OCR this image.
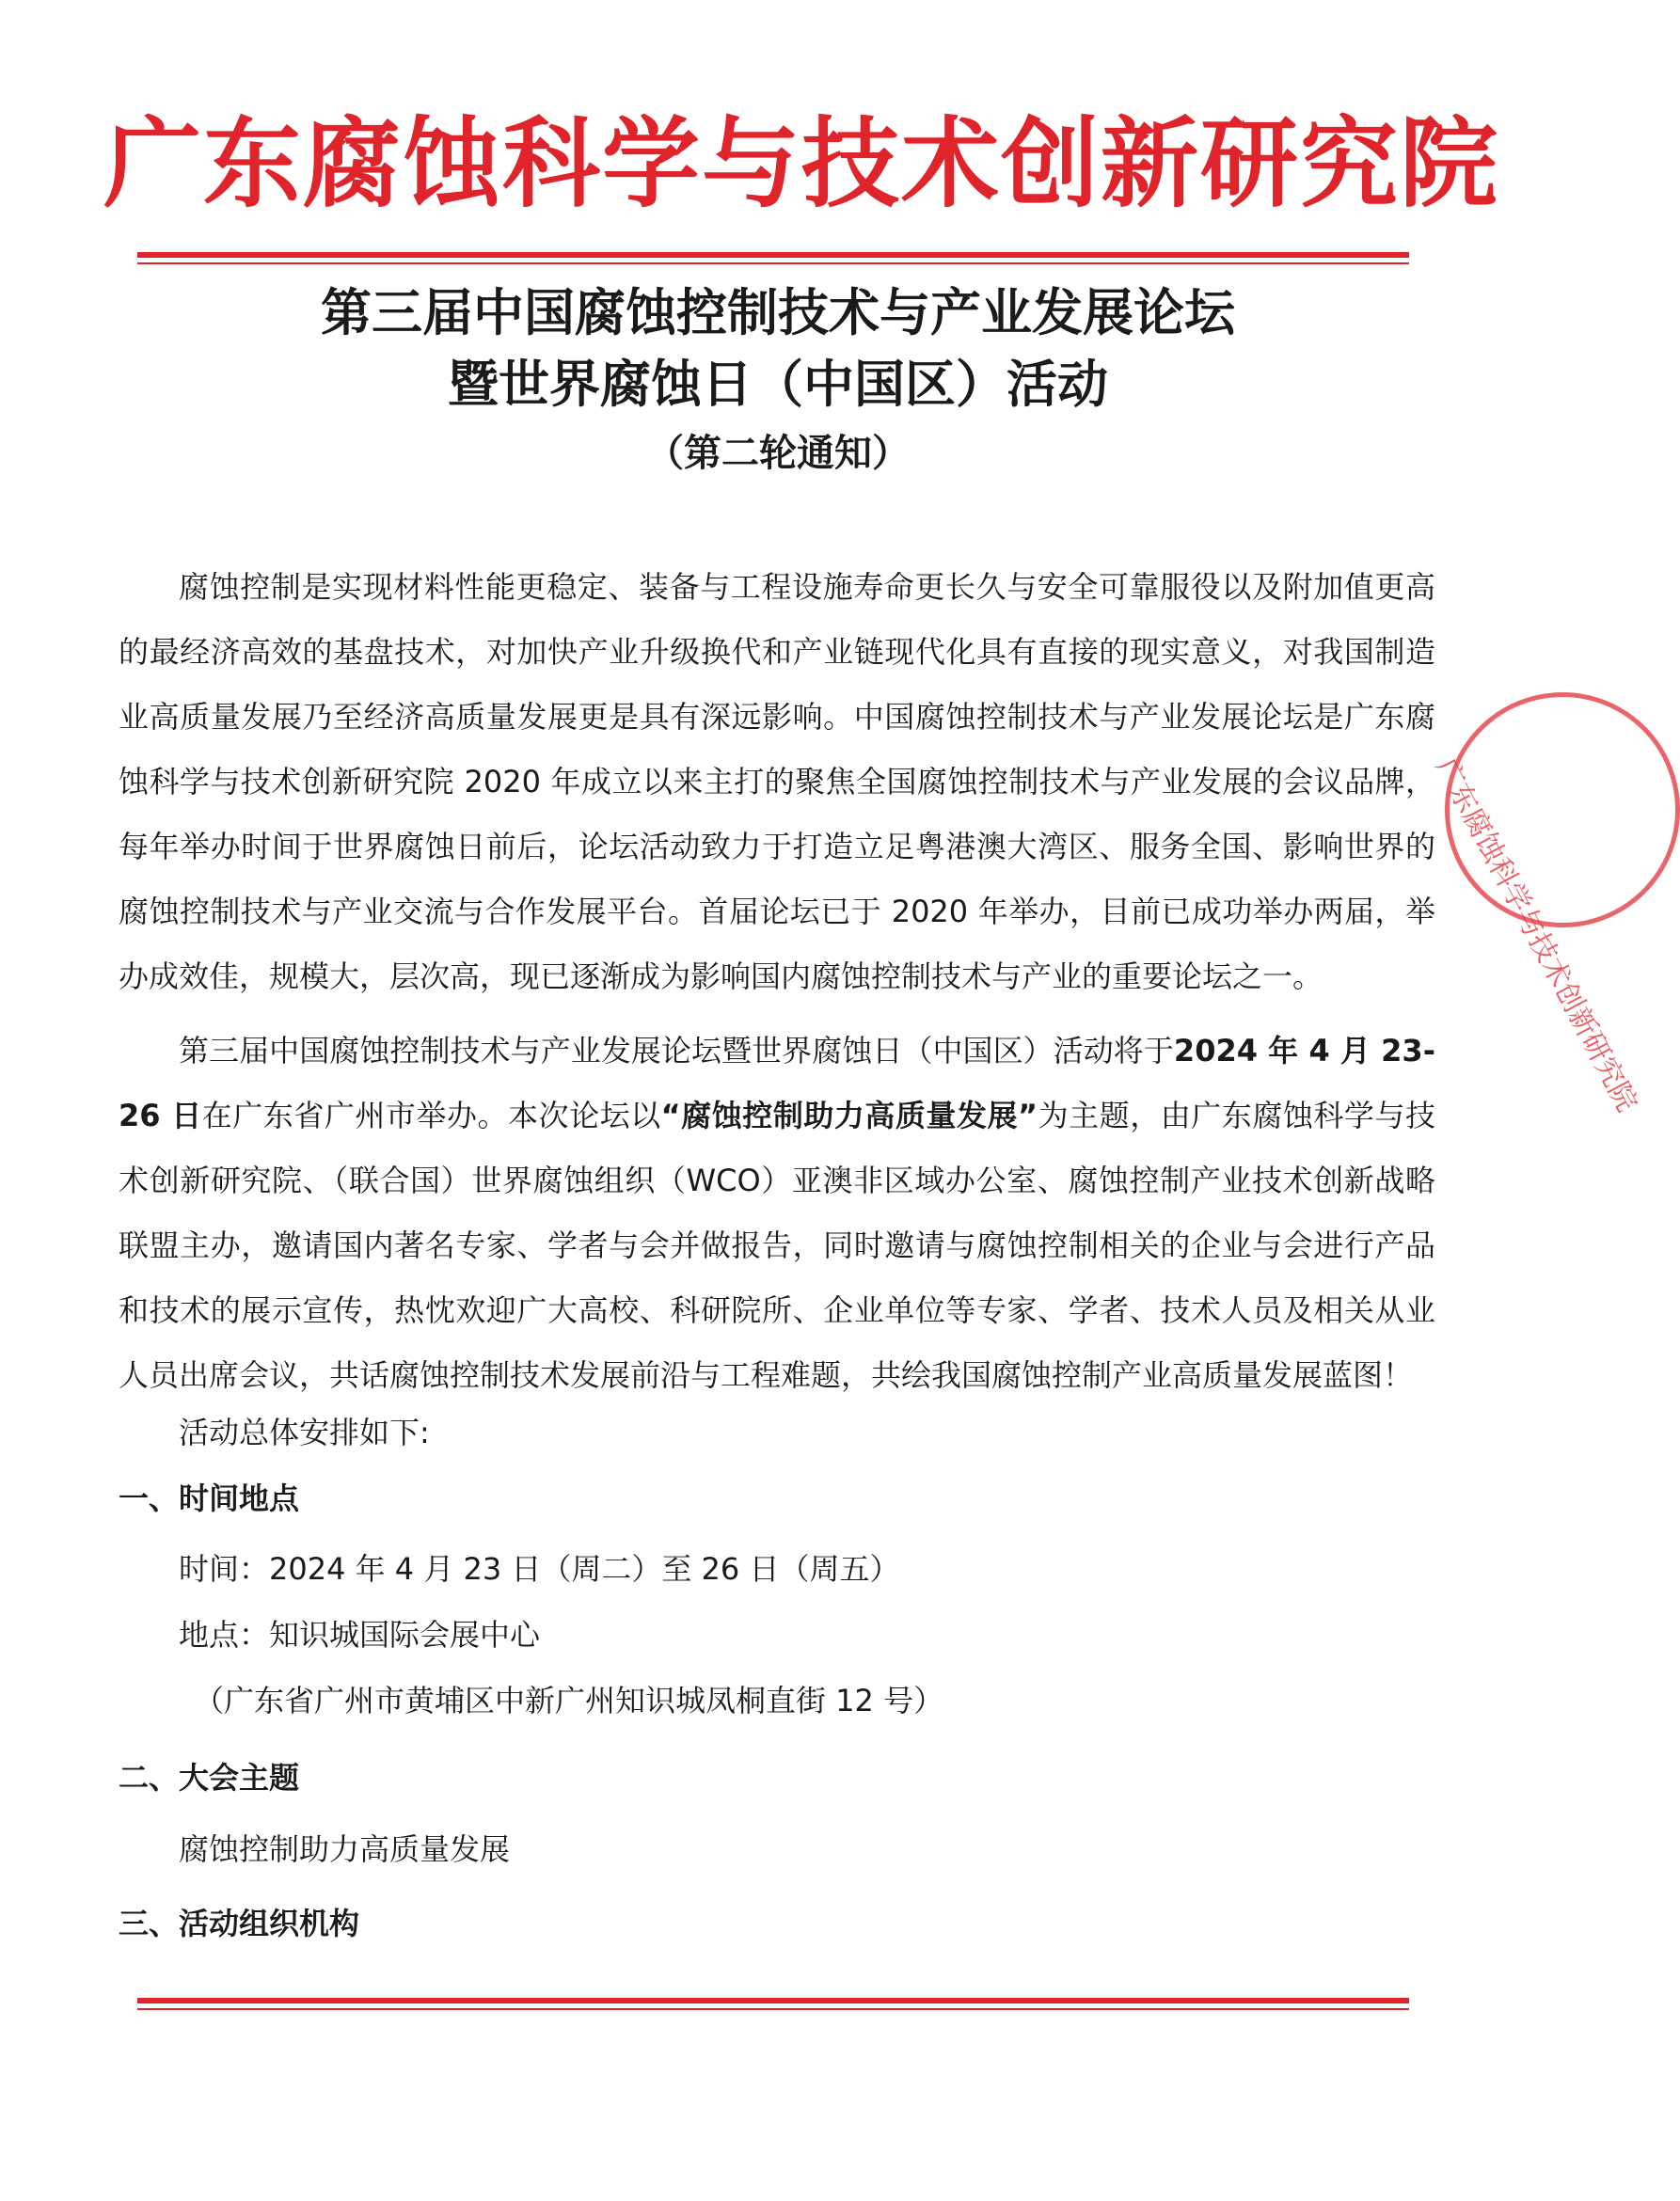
广东腐蚀科学与技术创新研究院
第三届中国腐蚀控制技术与产业发展论坛
暨世界腐蚀日（中国区）活动
（第二轮通知）

腐蚀控制是实现材料性能更稳定、装备与工程设施寿命更长久与安全可靠服役以及附加值更高的最经济高效的基盘技术，对加快产业升级换代和产业链现代化具有直接的现实意义，对我国制造业高质量发展乃至经济高质量发展更是具有深远影响。中国腐蚀控制技术与产业发展论坛是广东腐蚀科学与技术创新研究院 2020 年成立以来主打的聚焦全国腐蚀控制技术与产业发展的会议品牌，每年举办时间于世界腐蚀日前后，论坛活动致力于打造立足粤港澳大湾区、服务全国、影响世界的腐蚀控制技术与产业交流与合作发展平台。首届论坛已于 2020 年举办，目前已成功举办两届，举办成效佳，规模大，层次高，现已逐渐成为影响国内腐蚀控制技术与产业的重要论坛之一。

第三届中国腐蚀控制技术与产业发展论坛暨世界腐蚀日（中国区）活动将于2024 年 4 月 23-26 日在广东省广州市举办。本次论坛以“腐蚀控制助力高质量发展”为主题，由广东腐蚀科学与技术创新研究院、（联合国）世界腐蚀组织（WCO）亚澳非区域办公室、腐蚀控制产业技术创新战略联盟主办，邀请国内著名专家、学者与会并做报告，同时邀请与腐蚀控制相关的企业与会进行产品和技术的展示宣传，热忱欢迎广大高校、科研院所、企业单位等专家、学者、技术人员及相关从业人员出席会议，共话腐蚀控制技术发展前沿与工程难题，共绘我国腐蚀控制产业高质量发展蓝图！

活动总体安排如下:
一、时间地点
时间：2024 年 4 月 23 日（周二）至 26 日（周五）
地点：知识城国际会展中心
（广东省广州市黄埔区中新广州知识城凤桐直街 12 号）
二、大会主题
腐蚀控制助力高质量发展
三、活动组织机构
广东腐蚀科学与技术创新研究院
